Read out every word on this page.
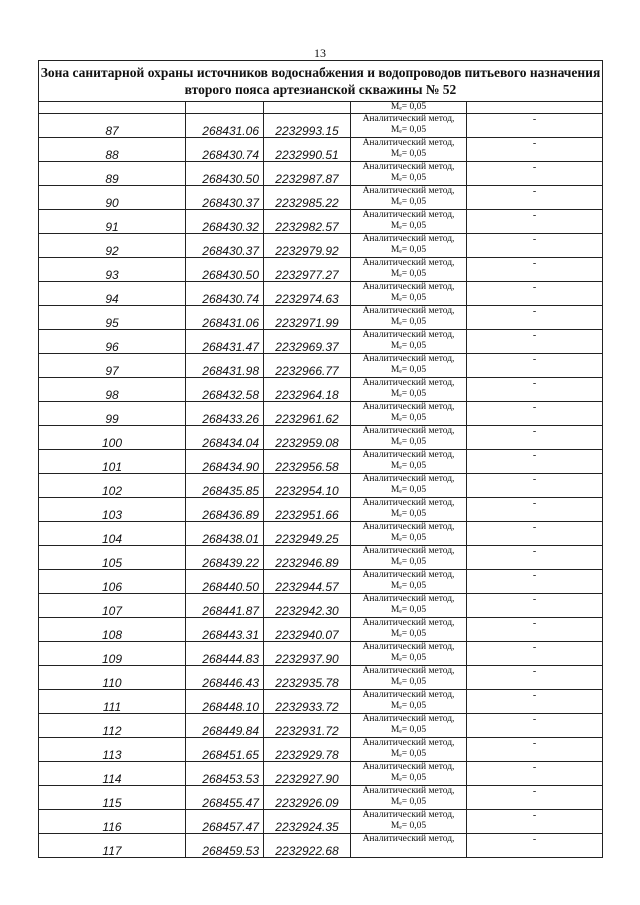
13
Зона санитарной охраны источников водоснабжения и водопроводов питьевого назначения
второго пояса артезианской скважины № 52				

			Мₑ= 0,05	

87	268431.06	2232993.15	Аналитический метод,
Мₑ= 0,05	-

88	268430.74	2232990.51	Аналитический метод,
Мₑ= 0,05	-

89	268430.50	2232987.87	Аналитический метод,
Мₑ= 0,05	-

90	268430.37	2232985.22	Аналитический метод,
Мₑ= 0,05	-

91	268430.32	2232982.57	Аналитический метод,
Мₑ= 0,05	-

92	268430.37	2232979.92	Аналитический метод,
Мₑ= 0,05	-

93	268430.50	2232977.27	Аналитический метод,
Мₑ= 0,05	-

94	268430.74	2232974.63	Аналитический метод,
Мₑ= 0,05	-

95	268431.06	2232971.99	Аналитический метод,
Мₑ= 0,05	-

96	268431.47	2232969.37	Аналитический метод,
Мₑ= 0,05	-

97	268431.98	2232966.77	Аналитический метод,
Мₑ= 0,05	-

98	268432.58	2232964.18	Аналитический метод,
Мₑ= 0,05	-

99	268433.26	2232961.62	Аналитический метод,
Мₑ= 0,05	-

100	268434.04	2232959.08	Аналитический метод,
Мₑ= 0,05	-

101	268434.90	2232956.58	Аналитический метод,
Мₑ= 0,05	-

102	268435.85	2232954.10	Аналитический метод,
Мₑ= 0,05	-

103	268436.89	2232951.66	Аналитический метод,
Мₑ= 0,05	-

104	268438.01	2232949.25	Аналитический метод,
Мₑ= 0,05	-

105	268439.22	2232946.89	Аналитический метод,
Мₑ= 0,05	-

106	268440.50	2232944.57	Аналитический метод,
Мₑ= 0,05	-

107	268441.87	2232942.30	Аналитический метод,
Мₑ= 0,05	-

108	268443.31	2232940.07	Аналитический метод,
Мₑ= 0,05	-

109	268444.83	2232937.90	Аналитический метод,
Мₑ= 0,05	-

110	268446.43	2232935.78	Аналитический метод,
Мₑ= 0,05	-

111	268448.10	2232933.72	Аналитический метод,
Мₑ= 0,05	-

112	268449.84	2232931.72	Аналитический метод,
Мₑ= 0,05	-

113	268451.65	2232929.78	Аналитический метод,
Мₑ= 0,05	-

114	268453.53	2232927.90	Аналитический метод,
Мₑ= 0,05	-

115	268455.47	2232926.09	Аналитический метод,
Мₑ= 0,05	-

116	268457.47	2232924.35	Аналитический метод,
Мₑ= 0,05	-

117	268459.53	2232922.68	Аналитический метод,	-
